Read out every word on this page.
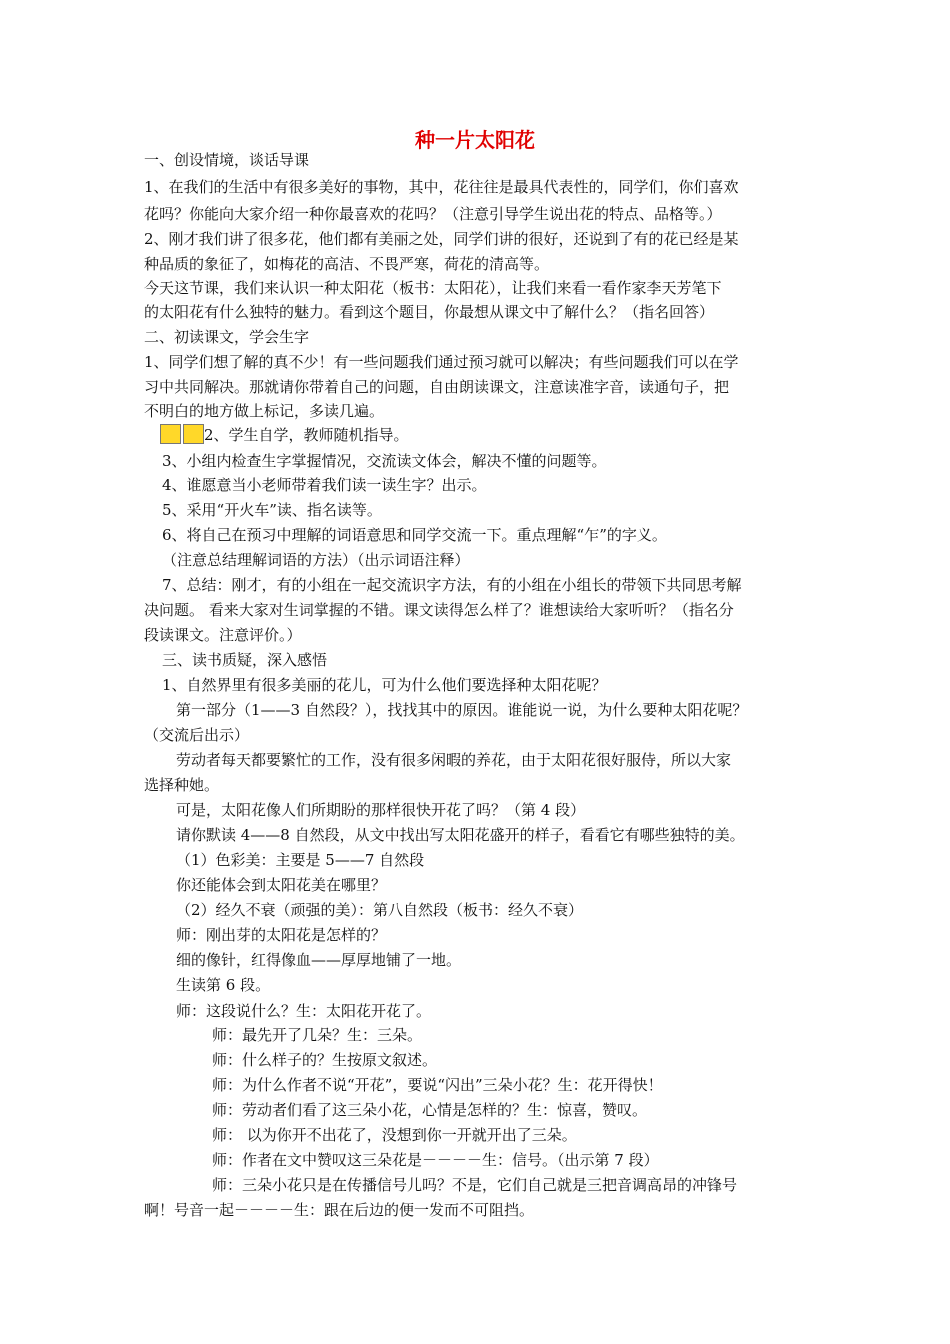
种一片太阳花
一、创设情境，谈话导课
1、在我们的生活中有很多美好的事物，其中，花往往是最具代表性的，同学们，你们喜欢
花吗？你能向大家介绍一种你最喜欢的花吗？（注意引导学生说出花的特点、品格等。）
2、刚才我们讲了很多花，他们都有美丽之处，同学们讲的很好，还说到了有的花已经是某
种品质的象征了，如梅花的高洁、不畏严寒，荷花的清高等。
今天这节课，我们来认识一种太阳花（板书：太阳花），让我们来看一看作家李天芳笔下
的太阳花有什么独特的魅力。看到这个题目，你最想从课文中了解什么？（指名回答）
二、初读课文，学会生字
1、同学们想了解的真不少！有一些问题我们通过预习就可以解决；有些问题我们可以在学
习中共同解决。那就请你带着自己的问题，自由朗读课文，注意读准字音，读通句子，把
不明白的地方做上标记，多读几遍。
2、学生自学，教师随机指导。
3、小组内检查生字掌握情况，交流读文体会，解决不懂的问题等。
4、谁愿意当小老师带着我们读一读生字？出示。
5、采用“开火车”读、指名读等。
6、将自己在预习中理解的词语意思和同学交流一下。重点理解“乍”的字义。
（注意总结理解词语的方法）（出示词语注释）
7、总结：刚才，有的小组在一起交流识字方法，有的小组在小组长的带领下共同思考解
决问题。 看来大家对生词掌握的不错。课文读得怎么样了？谁想读给大家听听？（指名分
段读课文。注意评价。）
三、读书质疑，深入感悟
1、自然界里有很多美丽的花儿，可为什么他们要选择种太阳花呢？
第一部分（1——3 自然段？），找找其中的原因。谁能说一说，为什么要种太阳花呢？
（交流后出示）
劳动者每天都要繁忙的工作，没有很多闲暇的养花，由于太阳花很好服侍，所以大家
选择种她。
可是，太阳花像人们所期盼的那样很快开花了吗？（第 4 段）
请你默读 4——8 自然段，从文中找出写太阳花盛开的样子，看看它有哪些独特的美。
（1）色彩美：主要是 5——7 自然段
你还能体会到太阳花美在哪里？
（2）经久不衰（顽强的美）：第八自然段（板书：经久不衰）
师：刚出芽的太阳花是怎样的？
细的像针，红得像血——厚厚地铺了一地。
生读第 6 段。
师：这段说什么？生：太阳花开花了。
师：最先开了几朵？生：三朵。
师：什么样子的？生按原文叙述。
师：为什么作者不说“开花”，要说“闪出”三朵小花？生：花开得快！
师：劳动者们看了这三朵小花，心情是怎样的？生：惊喜，赞叹。
师： 以为你开不出花了，没想到你一开就开出了三朵。
师：作者在文中赞叹这三朵花是－－－－生：信号。（出示第 7 段）
师：三朵小花只是在传播信号儿吗？不是，它们自己就是三把音调高昂的冲锋号
啊！号音一起－－－－生：跟在后边的便一发而不可阻挡。
